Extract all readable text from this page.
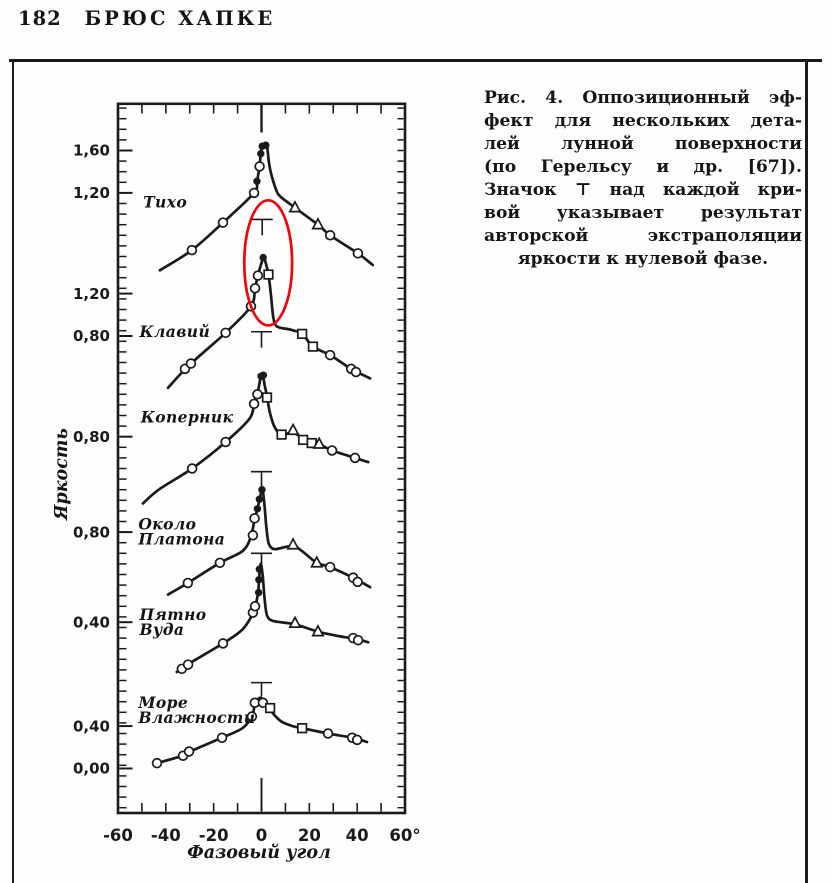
182 БРЮС ХАПКЕ
1,60
1,20
1,20
0,80
0,80
0,80
0,40
0,40
0,00
-60 -40 -20 0 20 40 60°
Яркость
Фазовый угол
Тихо
Клавий
Коперник
Около
Платона
Пятно
Вуда
Море
Влажности
Рис. 4. Оппозиционный эф-
фект для нескольких дета-
лей лунной поверхности
(по Герельсу и др. [67]).
Значок ⊤ над каждой кри-
вой указывает результат
авторской экстраполяции
яркости к нулевой фазе.
